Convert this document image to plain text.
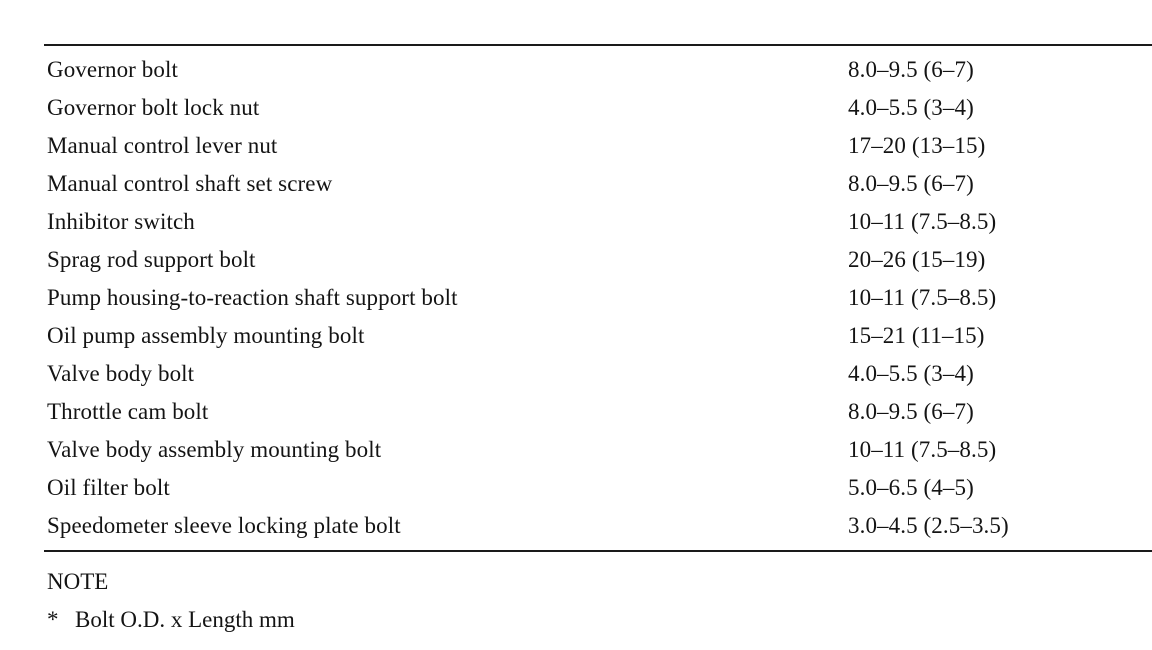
Governor bolt	8.0–9.5 (6–7)
Governor bolt lock nut	4.0–5.5 (3–4)
Manual control lever nut	17–20 (13–15)
Manual control shaft set screw	8.0–9.5 (6–7)
Inhibitor switch	10–11 (7.5–8.5)
Sprag rod support bolt	20–26 (15–19)
Pump housing-to-reaction shaft support bolt	10–11 (7.5–8.5)
Oil pump assembly mounting bolt	15–21 (11–15)
Valve body bolt	4.0–5.5 (3–4)
Throttle cam bolt	8.0–9.5 (6–7)
Valve body assembly mounting bolt	10–11 (7.5–8.5)
Oil filter bolt	5.0–6.5 (4–5)
Speedometer sleeve locking plate bolt	3.0–4.5 (2.5–3.5)
NOTE
* Bolt O.D. x Length mm
